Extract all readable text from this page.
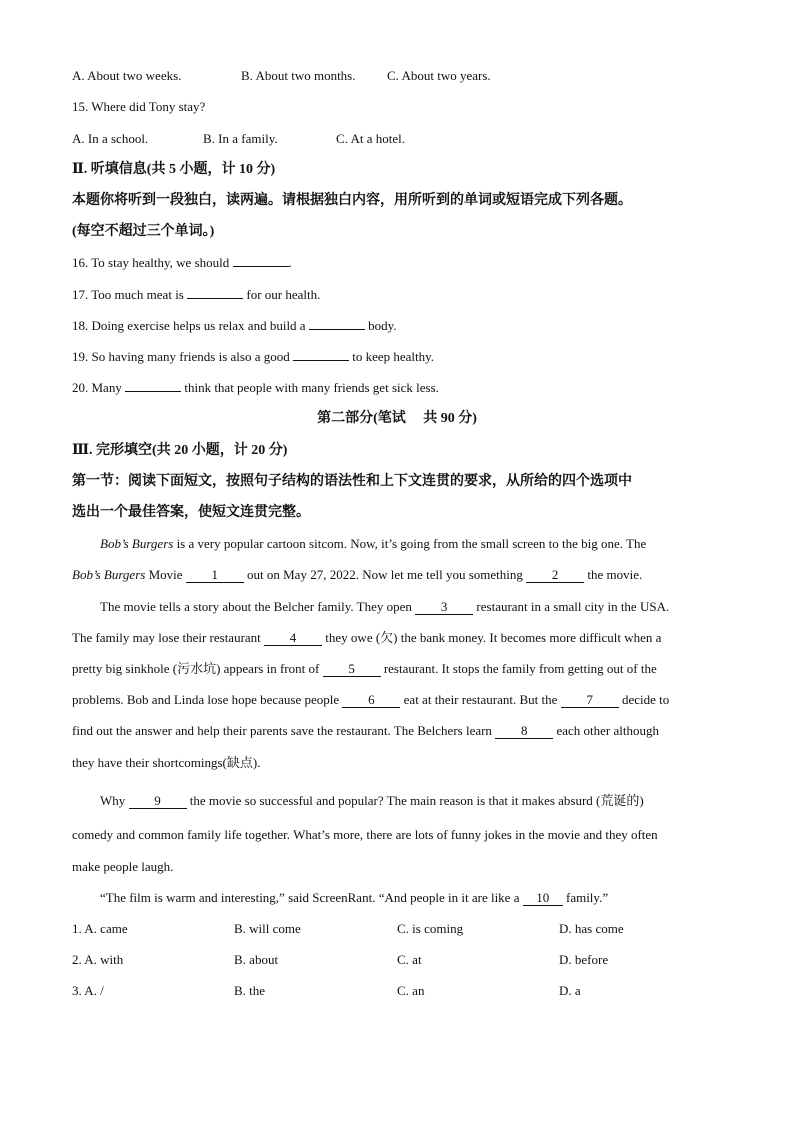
A. About two weeks.	B. About two months. C. About two years.
15. Where did Tony stay?
A. In a school.	B. In a family.	C. At a hotel.
Ⅱ. 听填信息(共 5 小题，计 10 分)
本题你将听到一段独白，读两遍。请根据独白内容，用所听到的单词或短语完成下列各题。
(每空不超过三个单词。)
16. To stay healthy, we should	.
17. Too much meat is	for our health.
18. Doing exercise helps us relax and build a	body.
19. So having many friends is also a good	to keep healthy.
20. Many	think that people with many friends get sick less.
第二部分(笔试　 共 90 分)
Ⅲ. 完形填空(共 20 小题，计 20 分)
第一节：阅读下面短文，按照句子结构的语法性和上下文连贯的要求，从所给的四个选项中
选出一个最佳答案，使短文连贯完整。
Bob’s Burgers is a very popular cartoon sitcom. Now, it’s going from the small screen to the big one. The
Bob’s Burgers Movie 1 out on May 27, 2022. Now let me tell you something 2 the movie.
The movie tells a story about the Belcher family. They open 3 restaurant in a small city in the USA.
The family may lose their restaurant 4 they owe (欠) the bank money. It becomes more difficult when a
pretty big sinkhole (污水坑) appears in front of 5 restaurant. It stops the family from getting out of the
problems. Bob and Linda lose hope because people 6 eat at their restaurant. But the 7 decide to
find out the answer and help their parents save the restaurant. The Belchers learn 8 each other although
they have their shortcomings(缺点).
Why 9 the movie so successful and popular? The main reason is that it makes absurd (荒诞的)
comedy and common family life together. What’s more, there are lots of funny jokes in the movie and they often
make people laugh.
“The film is warm and interesting,” said ScreenRant. “And people in it are like a 10 family.”
1. A. came	B. will come	C. is coming	D. has come
2. A. with	B. about	C. at	D. before
3. A. /	B. the	C. an	D. a
